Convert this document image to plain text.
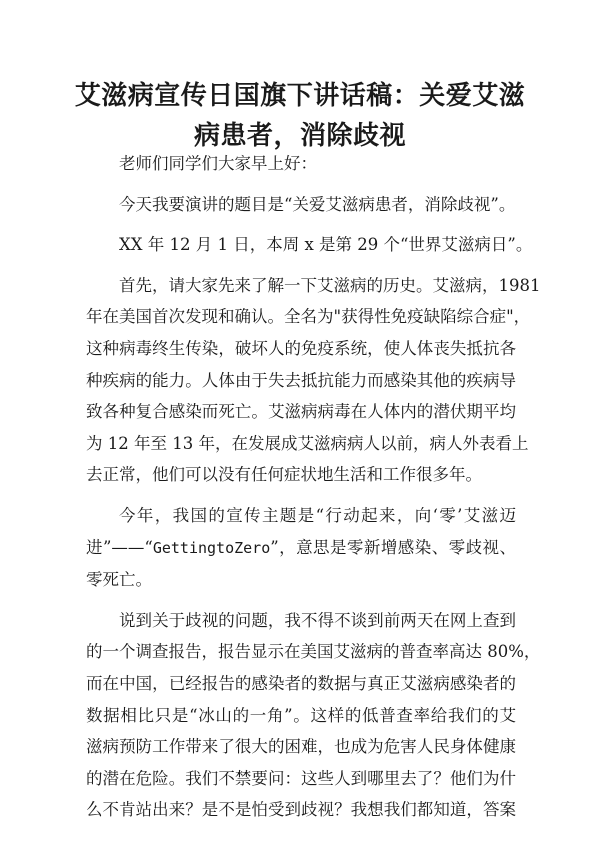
艾滋病宣传日国旗下讲话稿：关爱艾滋
病患者，消除歧视
老师们同学们大家早上好：
今天我要演讲的题目是“关爱艾滋病患者，消除歧视”。
XX 年 12 月 1 日，本周 x 是第 29 个“世界艾滋病日”。
首先，请大家先来了解一下艾滋病的历史。艾滋病，1981
年在美国首次发现和确认。全名为"获得性免疫缺陷综合症"，
这种病毒终生传染，破坏人的免疫系统，使人体丧失抵抗各
种疾病的能力。人体由于失去抵抗能力而感染其他的疾病导
致各种复合感染而死亡。艾滋病病毒在人体内的潜伏期平均
为 12 年至 13 年，在发展成艾滋病病人以前，病人外表看上
去正常，他们可以没有任何症状地生活和工作很多年。
今年，我国的宣传主题是“行动起来，向‘零’艾滋迈
进”——“GettingtoZero”，意思是零新增感染、零歧视、
零死亡。
说到关于歧视的问题，我不得不谈到前两天在网上查到
的一个调查报告，报告显示在美国艾滋病的普查率高达 80%，
而在中国，已经报告的感染者的数据与真正艾滋病感染者的
数据相比只是“冰山的一角”。这样的低普查率给我们的艾
滋病预防工作带来了很大的困难，也成为危害人民身体健康
的潜在危险。我们不禁要问：这些人到哪里去了？他们为什
么不肯站出来？是不是怕受到歧视？我想我们都知道，答案
